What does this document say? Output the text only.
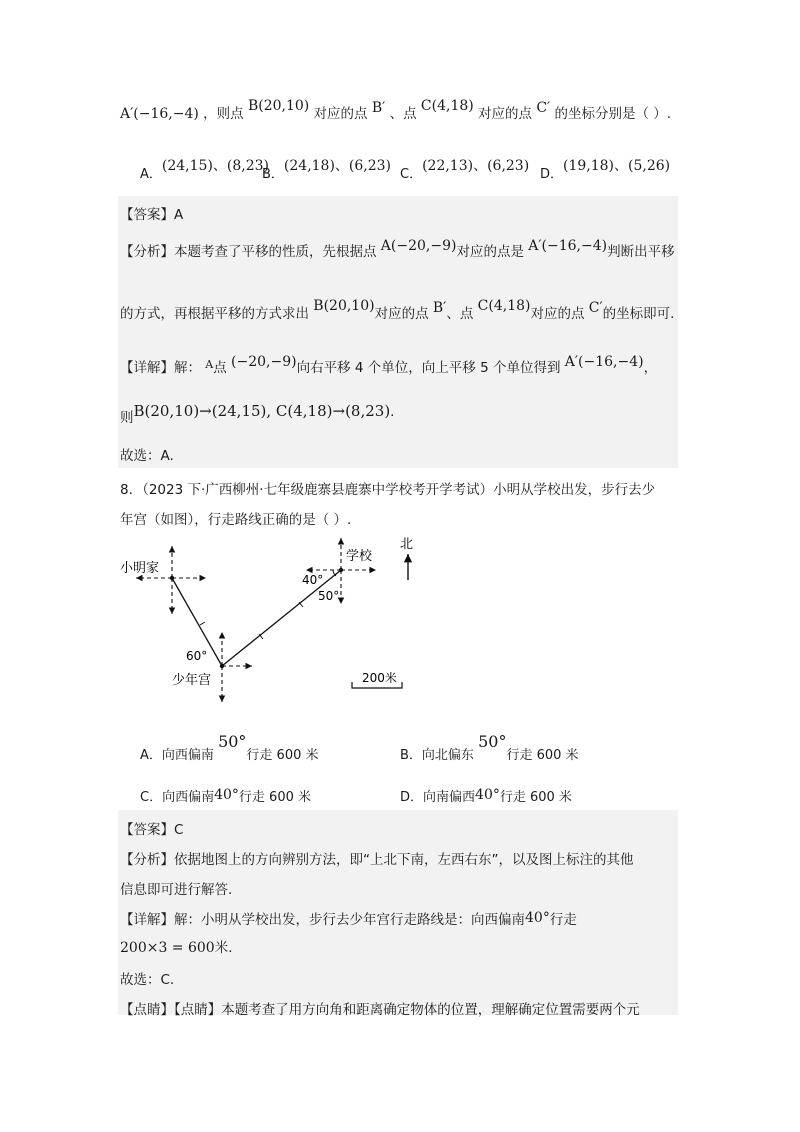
A′(−16,−4) ，则点 B(20,10) 对应的点 B′ 、点 C(4,18) 对应的点 C′ 的坐标分别是（ ）.
A．(24,15)、(8,23)
B．(24,18)、(6,23)
C．(22,13)、(6,23)
D．(19,18)、(5,26)
【答案】A
【分析】本题考查了平移的性质，先根据点 A(−20,−9)对应的点是 A′(−16,−4)判断出平移
的方式，再根据平移的方式求出 B(20,10)对应的点 B′、点 C(4,18)对应的点 C′的坐标即可.
【详解】解： $^A$点 (−20,−9)向右平移 4 个单位，向上平移 5 个单位得到 A′(−16,−4)，
则B(20,10)→(24,15), C(4,18)→(8,23).
故选：A.
8．（2023 下·广西柳州·七年级鹿寨县鹿寨中学校考开学考试）小明从学校出发，步行去少
年宫（如图），行走路线正确的是（ ）.
小明家
学校
40°
50°
北
60°
少年宫	200米
A．向西偏南 50°行走 600 米	B．向北偏东 50°行走 600 米
C．向西偏南40°行走 600 米	D．向南偏西40°行走 600 米
【答案】C
【分析】依据地图上的方向辨别方法，即“上北下南，左西右东”，以及图上标注的其他
信息即可进行解答.
【详解】解：小明从学校出发，步行去少年宫行走路线是：向西偏南40°行走
200×3 = 600米.
故选：C.
【点睛】【点睛】本题考查了用方向角和距离确定物体的位置，理解确定位置需要两个元
